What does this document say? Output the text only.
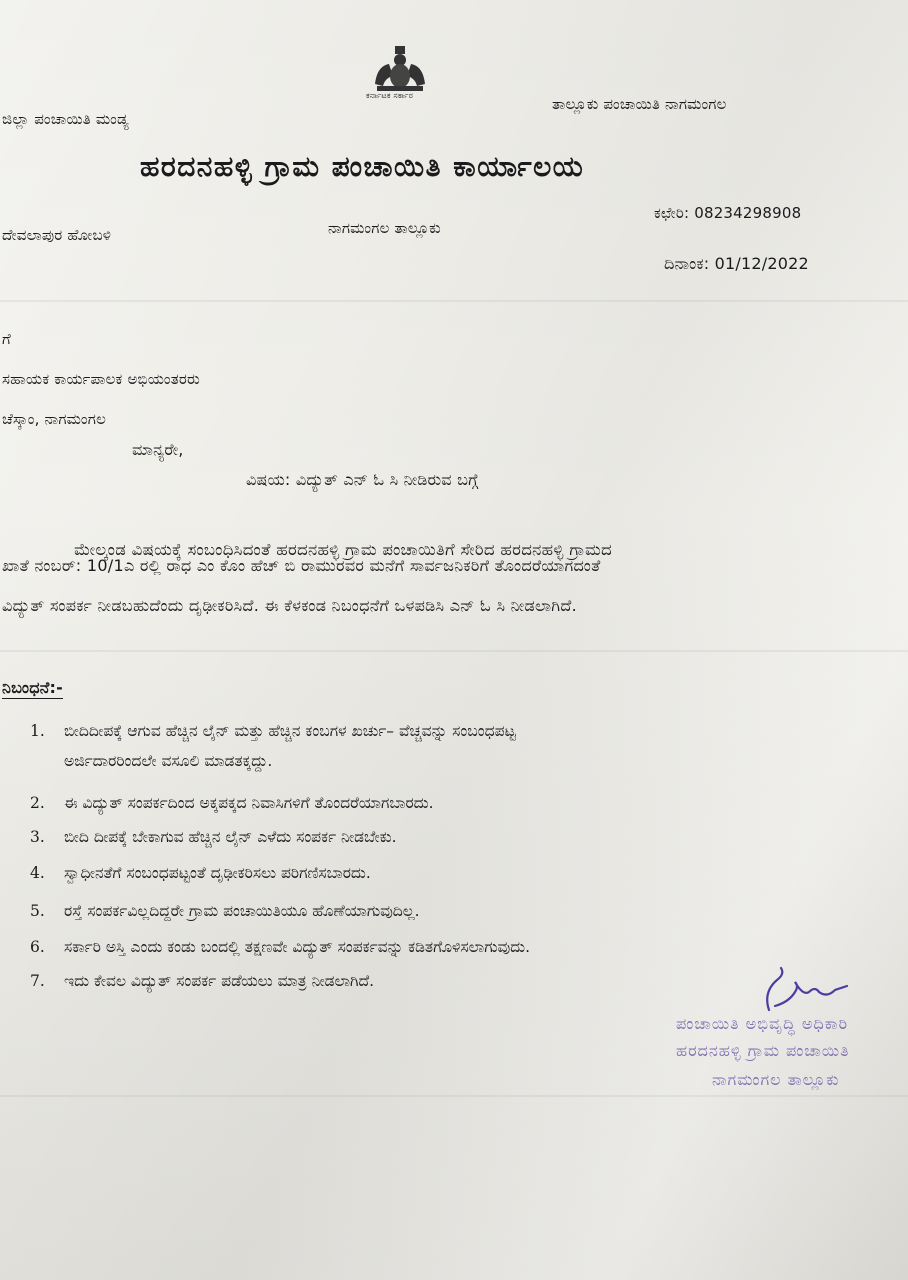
ಕರ್ನಾಟಕ ಸರ್ಕಾರ
ಜಿಲ್ಲಾ ಪಂಚಾಯಿತಿ ಮಂಡ್ಯ
ತಾಲ್ಲೂಕು ಪಂಚಾಯಿತಿ ನಾಗಮಂಗಲ
ಹರದನಹಳ್ಳಿ ಗ್ರಾಮ ಪಂಚಾಯಿತಿ ಕಾರ್ಯಾಲಯ
ದೇವಲಾಪುರ ಹೋಬಳಿ	ನಾಗಮಂಗಲ ತಾಲ್ಲೂಕು
ಕಛೇರಿ: 08234298908
ದಿನಾಂಕ: 01/12/2022
ಗೆ
ಸಹಾಯಕ ಕಾರ್ಯಪಾಲಕ ಅಭಿಯಂತರರು
ಚೆಸ್ಕಾಂ, ನಾಗಮಂಗಲ
ಮಾನ್ಯರೇ,
ವಿಷಯ: ವಿದ್ಯುತ್ ಎನ್ ಓ ಸಿ ನೀಡಿರುವ ಬಗ್ಗೆ
ಮೇಲ್ಕಂಡ ವಿಷಯಕ್ಕೆ ಸಂಬಂಧಿಸಿದಂತೆ ಹರದನಹಳ್ಳಿ ಗ್ರಾಮ ಪಂಚಾಯಿತಿಗೆ ಸೇರಿದ ಹರದನಹಳ್ಳಿ ಗ್ರಾಮದ
ಖಾತೆ ನಂಬರ್: 10/1ಎ ರಲ್ಲಿ ರಾಧ ಎಂ ಕೊಂ ಹೆಚ್ ಬಿ ರಾಮುರವರ ಮನೆಗೆ ಸಾರ್ವಜನಿಕರಿಗೆ ತೊಂದರೆಯಾಗದಂತೆ
ವಿದ್ಯುತ್ ಸಂಪರ್ಕ ನೀಡಬಹುದೆಂದು ದೃಢೀಕರಿಸಿದೆ. ಈ ಕೆಳಕಂಡ ನಿಬಂಧನೆಗೆ ಒಳಪಡಿಸಿ ಎನ್ ಓ ಸಿ ನೀಡಲಾಗಿದೆ.
ನಿಬಂಧನೆ:-
1. ಬೀದಿದೀಪಕ್ಕೆ ಆಗುವ ಹೆಚ್ಚಿನ ಲೈನ್ ಮತ್ತು ಹೆಚ್ಚಿನ ಕಂಬಗಳ ಖರ್ಚು– ವೆಚ್ಚವನ್ನು ಸಂಬಂಧಪಟ್ಟ
ಅರ್ಜಿದಾರರಿಂದಲೇ ವಸೂಲಿ ಮಾಡತಕ್ಕದ್ದು.
2. ಈ ವಿದ್ಯುತ್ ಸಂಪರ್ಕದಿಂದ ಅಕ್ಕಪಕ್ಕದ ನಿವಾಸಿಗಳಿಗೆ ತೊಂದರೆಯಾಗಬಾರದು.
3. ಬೀದಿ ದೀಪಕ್ಕೆ ಬೇಕಾಗುವ ಹೆಚ್ಚಿನ ಲೈನ್ ಎಳೆದು ಸಂಪರ್ಕ ನೀಡಬೇಕು.
4. ಸ್ವಾಧೀನತೆಗೆ ಸಂಬಂಧಪಟ್ಟಂತೆ ದೃಢೀಕರಿಸಲು ಪರಿಗಣಿಸಬಾರದು.
5. ರಸ್ತೆ ಸಂಪರ್ಕವಿಲ್ಲದಿದ್ದರೇ ಗ್ರಾಮ ಪಂಚಾಯಿತಿಯೂ ಹೊಣೆಯಾಗುವುದಿಲ್ಲ.
6. ಸರ್ಕಾರಿ ಅಸ್ತಿ ಎಂದು ಕಂಡು ಬಂದಲ್ಲಿ ತಕ್ಷಣವೇ ವಿದ್ಯುತ್ ಸಂಪರ್ಕವನ್ನು ಕಡಿತಗೊಳಿಸಲಾಗುವುದು.
7. ಇದು ಕೇವಲ ವಿದ್ಯುತ್ ಸಂಪರ್ಕ ಪಡೆಯಲು ಮಾತ್ರ ನೀಡಲಾಗಿದೆ.
ಪಂಚಾಯಿತಿ ಅಭಿವೃದ್ಧಿ ಅಧಿಕಾರಿ
ಹರದನಹಳ್ಳಿ ಗ್ರಾಮ ಪಂಚಾಯಿತಿ
ನಾಗಮಂಗಲ ತಾಲ್ಲೂಕು
